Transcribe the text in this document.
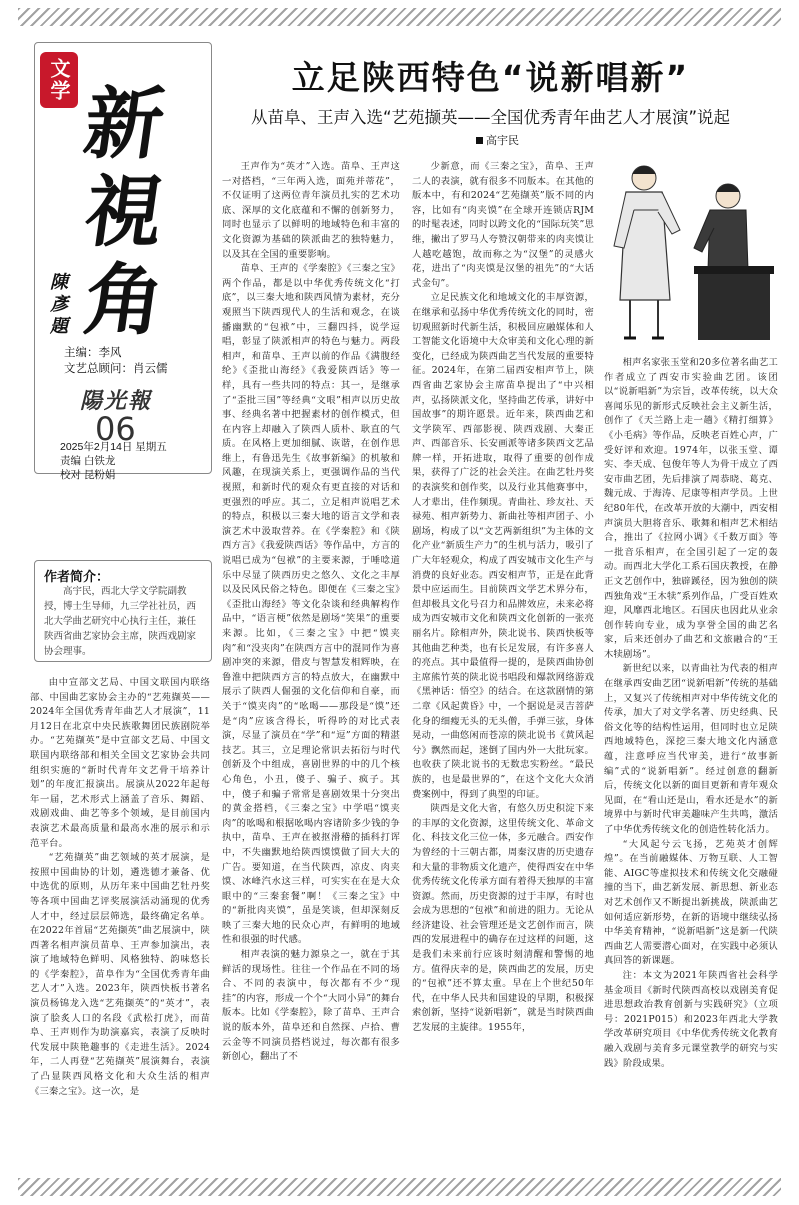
文学 新
視
角
陳彥題
主编：李风
文艺总顾问：肖云儒
陽光報
06
2025年2月14日 星期五
责编 白铁龙
校对 昆粉娟
作者简介：
高宇民，西北大学文学院副教授，博士生导师，九三学社社员，西北大学曲艺研究中心执行主任，兼任陕西省曲艺家协会主席，陕西戏剧家协会理事。
立足陕西特色“说新唱新”
从苗阜、王声入选“艺苑撷英——全国优秀青年曲艺人才展演”说起
高宇民

由中宣部文艺局、中国文联国内联络部、中国曲艺家协会主办的“艺苑撷英——2024年全国优秀青年曲艺人才展演”，11月12日在北京中央民族歌舞团民族剧院举办。“艺苑撷英”是中宣部文艺局、中国文联国内联络部和相关全国文艺家协会共同组织实施的“新时代青年文艺骨干培养计划”的年度汇报演出。展演从2022年起每年一届，艺术形式上涵盖了音乐、舞蹈、戏剧戏曲、曲艺等多个领域，是目前国内表演艺术最高质量和最高水准的展示和示范平台。

“艺苑撷英”曲艺领域的英才展演，是按照中国曲协的计划，遴选德才兼备、优中选优的原则，从历年来中国曲艺牡丹奖等各项中国曲艺评奖展演活动涌现的优秀人才中，经过层层筛选，最终确定名单。在2022年首届“艺苑撷英”曲艺展演中，陕西著名相声演员苗阜、王声参加演出，表演了地域特色鲜明、风格独特、韵味悠长的《学秦腔》，苗阜作为“全国优秀青年曲艺人才”入选。2023年，陕西快板书著名演员杨锦龙入选“艺苑撷英”的“英才”，表演了脍炙人口的名段《武松打虎》，而苗阜、王声则作为助演嘉宾，表演了反映时代发展中陕艳趣事的《走进生活》。2024年，二人再登“艺苑撷英”展演舞台，表演了凸显陕西风格文化和大众生活的相声《三秦之宝》。这一次，是

王声作为“英才”入选。苗阜、王声这一对搭档，“三年两入选，面苑并蒂花”，不仅证明了这两位青年演员扎实的艺术功底、深厚的文化底蕴和不懈的创新努力，同时也显示了以鲜明的地域特色和丰富的文化资源为基础的陕派曲艺的独特魅力，以及其在全国的重要影响。

苗阜、王声的《学秦腔》《三秦之宝》两个作品，都是以中华优秀传统文化“打底”，以三秦大地和陕西风情为素材，充分观照当下陕西现代人的生活和观念，在谈播幽默的“包袱”中，三翻四抖，说学逗唱，彰显了陕派相声的特色与魅力。两段相声，和苗阜、王声以前的作品《满腹经纶》《歪批山海经》《我爱陕西话》等一样，具有一些共同的特点：其一，是继承了“歪批三国”等经典“文哏”相声以历史故事、经典名著中把握素材的创作模式，但在内容上却融入了陕西人质朴、耿直的气质。在风格上更加细腻、诙谐，在创作思维上，有鲁迅先生《故事新编》的机敏和风趣，在现演关系上，更强调作品的当代视照，和新时代的观众有更直接的对话和更强烈的呼应。其二，立足相声说唱艺术的特点，积极以三秦大地的语言文学和表演艺术中汲取营养。在《学秦腔》和《陕西方言》《我爱陕西话》等作品中，方言的说唱已成为“包袱”的主要来源，于唾唸道乐中尽显了陕西历史之悠久、文化之丰厚以及民风民俗之特色。即便在《三秦之宝》《歪批山海经》等文化杂谈和经典解构作品中，“语言梗”依然是剧场“笑果”的重要来源。比如，《三秦之宝》中把“馍夹肉”和“没夹肉”在陕西方言中的混同作为喜剧冲突的来源，借皮与智慧发相辉映，在鲁淮中把陕西方言的特点放大，在幽默中展示了陕西人倔强的文化信仰和自豪，而关于“馍夹肉”的“吆喝——那段是“馍”还是“肉”应该含得长，听得吟的对比式表演，尽显了演员在“学”和“逗”方面的精湛技艺。其三，立足理论常识去拓衍与时代创新及个中组成，喜剧世界的中的几个核心角色，小丑，傻子、骗子、疯子。其中，傻子和骗子常常是喜剧效果十分突出的黄金搭档，《三秦之宝》中学唱“馍夹肉”的吆喝和根据吆喝内容诸阶多少钱的争执中，苗阜、王声在被抠滑稽的插科打诨中，不失幽默地给陕西馍馍做了回大大的广告。要知道，在当代陕西，凉皮、肉夹馍、冰峰汽水这三样，可实实在在是大众眼中的“三秦套餐”啊！《三秦之宝》中的“新批肉夹馍”，虽是笑谈，但却深刻反映了三秦大地的民众心声，有鲜明的地域性和很强的时代感。

相声表演的魅力源泉之一，就在于其鲜活的现场性。往往一个作品在不同的场合、不同的表演中，每次都有不少“现挂”的内容，形成一个个“大同小异”的舞台版本。比如《学秦腔》，除了苗阜、王声合说的版本外，苗阜还和自然探、卢拾、曹云金等不同演员搭档说过，每次都有很多新创心，翻出了不

少新意，而《三秦之宝》，苗阜、王声二人的表演，就有很多不同版本。在其他的版本中，有和2024“艺苑撷英”版不同的内容，比如有“肉夹馍”在全球开连锁店RJM的时髦表述，同时以跨文化的“国际玩笑”思维，撇出了罗马人夸赞汉朝带来的肉夹馍让人越吃越饱，故而称之为“汉堡”的灵感火花，进出了“肉夹馍是汉堡的祖先”的“大话式金句”。

立足民族文化和地域文化的丰厚资源，在继承和弘扬中华优秀传统文化的同时，密切观照新时代新生活，积极回应融媒体和人工智能文化语境中大众审美和文化心理的新变化，已经成为陕西曲艺当代发展的重要特征。2024年，在第二届西安相声节上，陕西省曲艺家协会主席苗阜提出了“中兴相声，弘扬陕派文化，坚持曲艺传承，讲好中国故事”的期许愿景。近年来，陕西曲艺和文学陕军、西部影视、陕西戏剧、大秦正声、西部音乐、长安画派等诸多陕西文艺品牌一样，开拓进取，取得了重要的创作成果，获得了广泛的社会关注。在曲艺牡丹奖的表演奖和创作奖，以及行业其他赛事中，人才辈出，佳作频现。青曲社、珍友社、天禄苑、相声新势力、新曲社等相声团子、小剧场，构成了以“文艺两新组织”为主体的文化产业“新质生产力”的生机与活力，吸引了广大年轻观众，构成了西安城市文化生产与消费的良好业态。西安相声节，正是在此背景中应运而生。目前陕西文学艺术界分布，但却极具文化号召力和品牌效应，未来必将成为西安城市文化和陕西文化创新的一张亮丽名片。除相声外，陕北说书、陕西快板等其他曲艺种类，也有长足发展，有许多喜人的亮点。其中最值得一提的，是陕西曲协创主席熊竹英的陕北说书唱段和爆款网络游戏《黑神话：悟空》的结合。在这款剧情的第二章《风起黄昏》中，一个据说是灵吉菩萨化身的细瘦无头的无头僧，手弹三弦，身体晃动，一曲悠闲而苍凉的陕北说书《黄风起兮》飘然而起，迷倒了国内外一大批玩家。也收获了陕北说书的无数忠实粉丝。“最民族的，也是最世界的”，在这个文化大众消费案例中，得到了典型的印证。

陕西是文化大省，有悠久历史积淀下来的丰厚的文化资源，这里传统文化、革命文化、科技文化三位一体，多元融合。西安作为曾经的十三朝古都，周秦汉唐的历史遗存和大量的非物质文化遗产，使得西安在中华优秀传统文化传承方面有着得天独厚的丰富资源。然而，历史资源的过于丰厚，有时也会成为思想的“包袱”和前进的阻力。无论从经济建设、社会管理还是文艺创作而言，陕西的发展进程中的确存在过这样的问题，这是我们未来前行应该时刻清醒和警惕的地方。值得庆幸的是，陕西曲艺的发展，历史的“包袱”还不算太重。早在上个世纪50年代，在中华人民共和国建设的早期，积极探索创新，坚持“说新唱新”，就是当时陕西曲艺发展的主旋律。1955年，

相声名家张玉堂和20多位著名曲艺工作者成立了西安市实验曲艺团。该团以“说新唱新”为宗旨，改革传统，以大众喜闻乐见的新形式反映社会主义新生活，创作了《天兰路上走一趟》《精打细算》《小毛病》等作品，反映老百姓心声，广受好评和欢迎。1974年，以张玉堂、谭实、李天成、包俊年等人为骨干成立了西安市曲艺团，先后排演了周恭晓、葛克、魏元成、于海涛、尼康等相声学员。上世纪80年代，在改革开放的大潮中，西安相声演员大胆将音乐、歌舞和相声艺术相结合，推出了《拉网小调》《千数万面》等一批音乐相声，在全国引起了一定的轰动。而西北大学化工系石国庆教授，在静正文艺创作中，独辟蹊径，因为独创的陕西独角戏“王木犊”系列作品，广受百姓欢迎，风靡西北地区。石国庆也因此从业余创作转向专业，成为享誉全国的曲艺名家，后来还创办了曲艺和文旅融合的“王木犊剧场”。

新世纪以来，以青曲社为代表的相声在继承西安曲艺团“说新唱新”传统的基础上，又复兴了传统相声对中华传统文化的传承，加大了对文学名著、历史经典、民俗文化等的结构性运用，但同时也立足陕西地域特色，深挖三秦大地文化内涵意蕴，注意呼应当代审美，进行“故事新编”式的“说新唱新”。经过创意的翻新后，传统文化以新的面目更新和青年观众见面，在“看山还是山，看水还是水”的新境界中与新时代审美趣味产生共鸣，激活了中华优秀传统文化的创造性转化活力。

“大风起兮云飞扬，艺苑英才创辉煌”。在当前融媒体、万物互联、人工智能、AIGC等虚拟技术和传统文化交融碰撞的当下，曲艺新发展、新思想、新业态对艺术创作又不断提出新挑战，陕派曲艺如何适应新形势，在新的语境中继续弘扬中华美育精神，“说新唱新”这是新一代陕西曲艺人需要潜心面对，在实践中必须认真回答的新课题。

注：本文为2021年陕西省社会科学基金项目《新时代陕西高校以戏剧美育促进思想政治教育创新与实践研究》（立项号：2021P015）和2023年西北大学教学改革研究项目《中华优秀传统文化教育融入戏剧与美育多元课堂教学的研究与实践》阶段成果。
